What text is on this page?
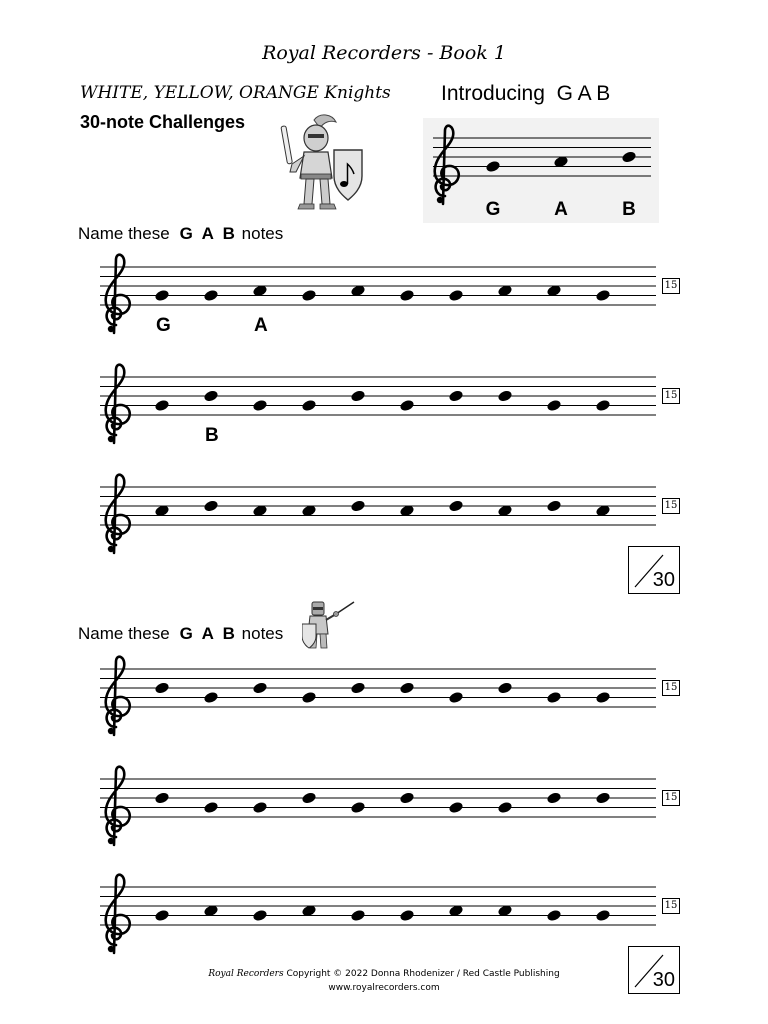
Royal Recorders - Book 1
WHITE, YELLOW, ORANGE Knights
30-note Challenges
Introducing  G A B
G	A	B
Name these G A B notes
15
G	A
15
B
15
30
Name these G A B notes
15
15
15
30
Royal Recorders Copyright © 2022 Donna Rhodenizer / Red Castle Publishing
www.royalrecorders.com
